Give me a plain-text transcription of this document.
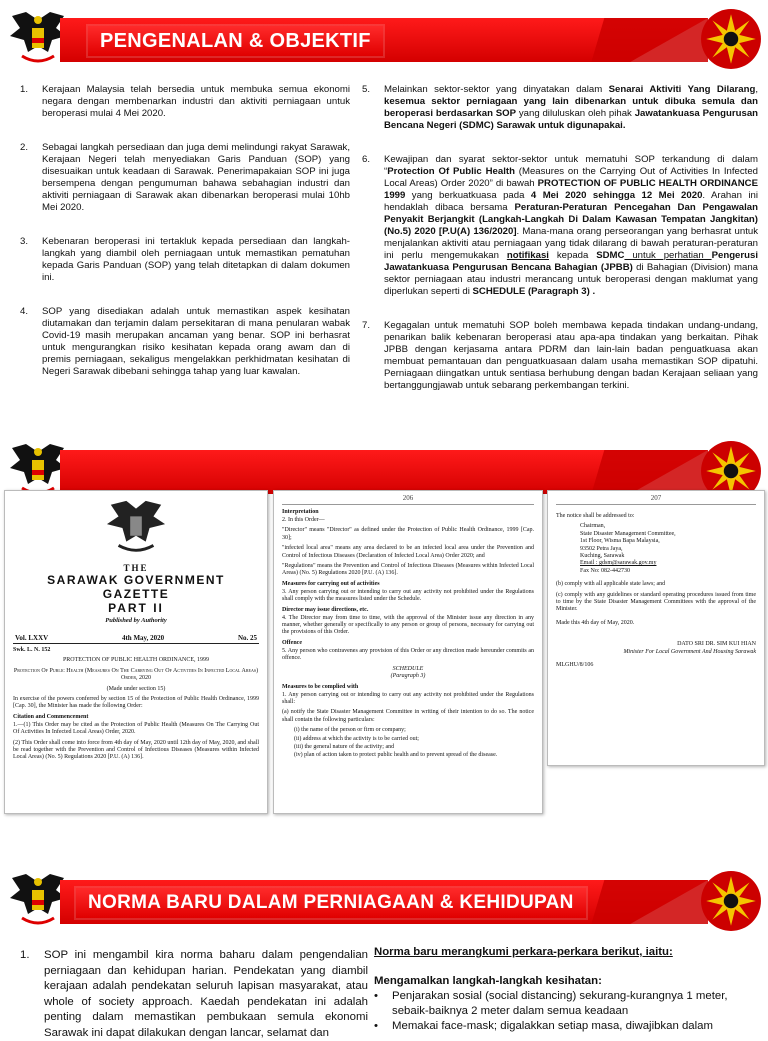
PENGENALAN & OBJEKTIF
1.	Kerajaan Malaysia telah bersedia untuk membuka semua ekonomi negara dengan membenarkan industri dan aktiviti perniagaan untuk beroperasi mulai 4 Mei 2020.
2.	Sebagai langkah persediaan dan juga demi melindungi rakyat Sarawak, Kerajaan Negeri telah menyediakan Garis Panduan (SOP) yang disesuaikan untuk keadaan di Sarawak. Penerimapakaian SOP ini juga bersempena dengan pengumuman bahawa sebahagian industri dan aktiviti perniagaan di Sarawak akan dibenarkan beroperasi mulai 10hb Mei 2020.
3.	Kebenaran beroperasi ini tertakluk kepada persediaan dan langkah-langkah yang diambil oleh perniagaan untuk memastikan pematuhan kepada Garis Panduan (SOP) yang telah ditetapkan di dalam dokumen ini.
4.	SOP yang disediakan adalah untuk memastikan aspek kesihatan diutamakan dan terjamin dalam persekitaran di mana penularan wabak Covid-19 masih merupakan ancaman yang benar. SOP ini berhasrat untuk mengurangkan risiko kesihatan kepada orang awam dan di premis perniagaan, sekaligus mengelakkan perkhidmatan kesihatan di Negeri Sarawak dibebani sehingga tahap yang luar kawalan.
5.	Melainkan sektor-sektor yang dinyatakan dalam Senarai Aktiviti Yang Dilarang, kesemua sektor perniagaan yang lain dibenarkan untuk dibuka semula dan beroperasi berdasarkan SOP yang diluluskan oleh pihak Jawatankuasa Pengurusan Bencana Negeri (SDMC) Sarawak untuk digunapakai.
6.	Kewajipan dan syarat sektor-sektor untuk mematuhi SOP terkandung di dalam “Protection Of Public Health (Measures on the Carrying Out of Activities In Infected Local Areas) Order 2020” di bawah PROTECTION OF PUBLIC HEALTH ORDINANCE 1999 yang berkuatkuasa pada 4 Mei 2020 sehingga 12 Mei 2020. Arahan ini hendaklah dibaca bersama Peraturan-Peraturan Pencegahan Dan Pengawalan Penyakit Berjangkit (Langkah-Langkah Di Dalam Kawasan Tempatan Jangkitan) (No.5) 2020 [P.U(A) 136/2020]. Mana-mana orang perseorangan yang berhasrat untuk menjalankan aktiviti atau perniagaan yang tidak dilarang di bawah peraturan-peraturan ini perlu mengemukakan notifikasi kepada SDMC untuk perhatian Pengerusi Jawatankuasa Pengurusan Bencana Bahagian (JPBB) di Bahagian (Division) mana sektor perniagaan atau industri merancang untuk beroperasi dengan maklumat yang diperlukan seperti di SCHEDULE (Paragraph 3) .
7.	Kegagalan untuk mematuhi SOP boleh membawa kepada tindakan undang-undang, penarikan balik kebenaran beroperasi atau apa-apa tindakan yang berkaitan. Pihak JPBB dengan kerjasama antara PDRM dan lain-lain badan penguatkuasa akan membuat pemantauan dan penguatkuasaan dalam usaha memastikan SOP dipatuhi. Perniagaan diingatkan untuk sentiasa berhubung dengan badan Kerajaan seliaan yang bertanggungjawab untuk sebarang perkembangan terkini.
THE
SARAWAK GOVERNMENT GAZETTE
PART II
Published by Authority
Vol. LXXV	4th May, 2020	No. 25

Swk. L. N. 152

PROTECTION OF PUBLIC HEALTH ORDINANCE, 1999

Protection Of Public Health (Measures On The Carrying Out Of Activities In Infected Local Areas) Order, 2020

(Made under section 15)

In exercise of the powers conferred by section 15 of the Protection of Public Health Ordinance, 1999 [Cap. 30], the Minister has made the following Order:

Citation and Commencement

1.—(1) This Order may be cited as the Protection of Public Health (Measures On The Carrying Out Of Activities In Infected Local Areas) Order, 2020.

(2) This Order shall come into force from 4th day of May, 2020 until 12th day of May, 2020, and shall be read together with the Prevention and Control of Infectious Diseases (Measures within Infected Local Areas) (No. 5) Regulations 2020 [P.U. (A) 136].

206
Interpretation

2. In this Order—

"Director" means "Director" as defined under the Protection of Public Health Ordinance, 1999 [Cap. 30];

"infected local area" means any area declared to be an infected local area under the Prevention and Control of Infectious Diseases (Declaration of Infected Local Area) Order 2020; and

"Regulations" means the Prevention and Control of Infectious Diseases (Measures within Infected Local Areas) (No. 5) Regulations 2020 [P.U. (A) 136].

Measures for carrying out of activities

3. Any person carrying out or intending to carry out any activity not prohibited under the Regulations shall comply with the measures listed under the Schedule.

Director may issue directions, etc.

4. The Director may from time to time, with the approval of the Minister issue any direction in any manner, whether generally or specifically to any person or group of persons, necessary for carrying out the provisions of this Order.

Offence

5. Any person who contravenes any provision of this Order or any direction made hereunder commits an offence.

SCHEDULE

(Paragraph 3)

Measures to be complied with

1. Any person carrying out or intending to carry out any activity not prohibited under the Regulations shall:

(a) notify the State Disaster Management Committee in writing of their intention to do so. The notice shall contain the following particulars:

(i) the name of the person or firm or company;

(ii) address at which the activity is to be carried out;

(iii) the general nature of the activity; and

(iv) plan of action taken to protect public health and to prevent spread of the disease.

207

The notice shall be addressed to:

Chairman,

State Disaster Management Committee,

1st Floor, Wisma Bapa Malaysia,

93502 Petra Jaya,

Kuching, Sarawak

Email : gdsm@sarawak.gov.my

Fax No: 082-442730

(b) comply with all applicable state laws; and

(c) comply with any guidelines or standard operating procedures issued from time to time by the State Disaster Management Committees with the approval of the Minister.

Made this 4th day of May, 2020.

DATO SRI DR. SIM KUI HIAN

Minister For Local Government And Housing Sarawak

MLGHU/8/106

NORMA BARU DALAM PERNIAGAAN & KEHIDUPAN
1.	SOP ini mengambil kira norma baharu dalam pengendalian perniagaan dan kehidupan harian. Pendekatan yang diambil kerajaan adalah pendekatan seluruh lapisan masyarakat, atau whole of society approach. Kaedah pendekatan ini adalah penting dalam memastikan pembukaan semula ekonomi Sarawak ini dapat dilakukan dengan lancar, selamat dan
Norma baru merangkumi perkara-perkara berikut, iaitu:
Mengamalkan langkah-langkah kesihatan:
•	Penjarakan sosial (social distancing) sekurang-kurangnya 1 meter, sebaik-baiknya 2 meter dalam semua keadaan
•	Memakai face-mask; digalakkan setiap masa, diwajibkan dalam
